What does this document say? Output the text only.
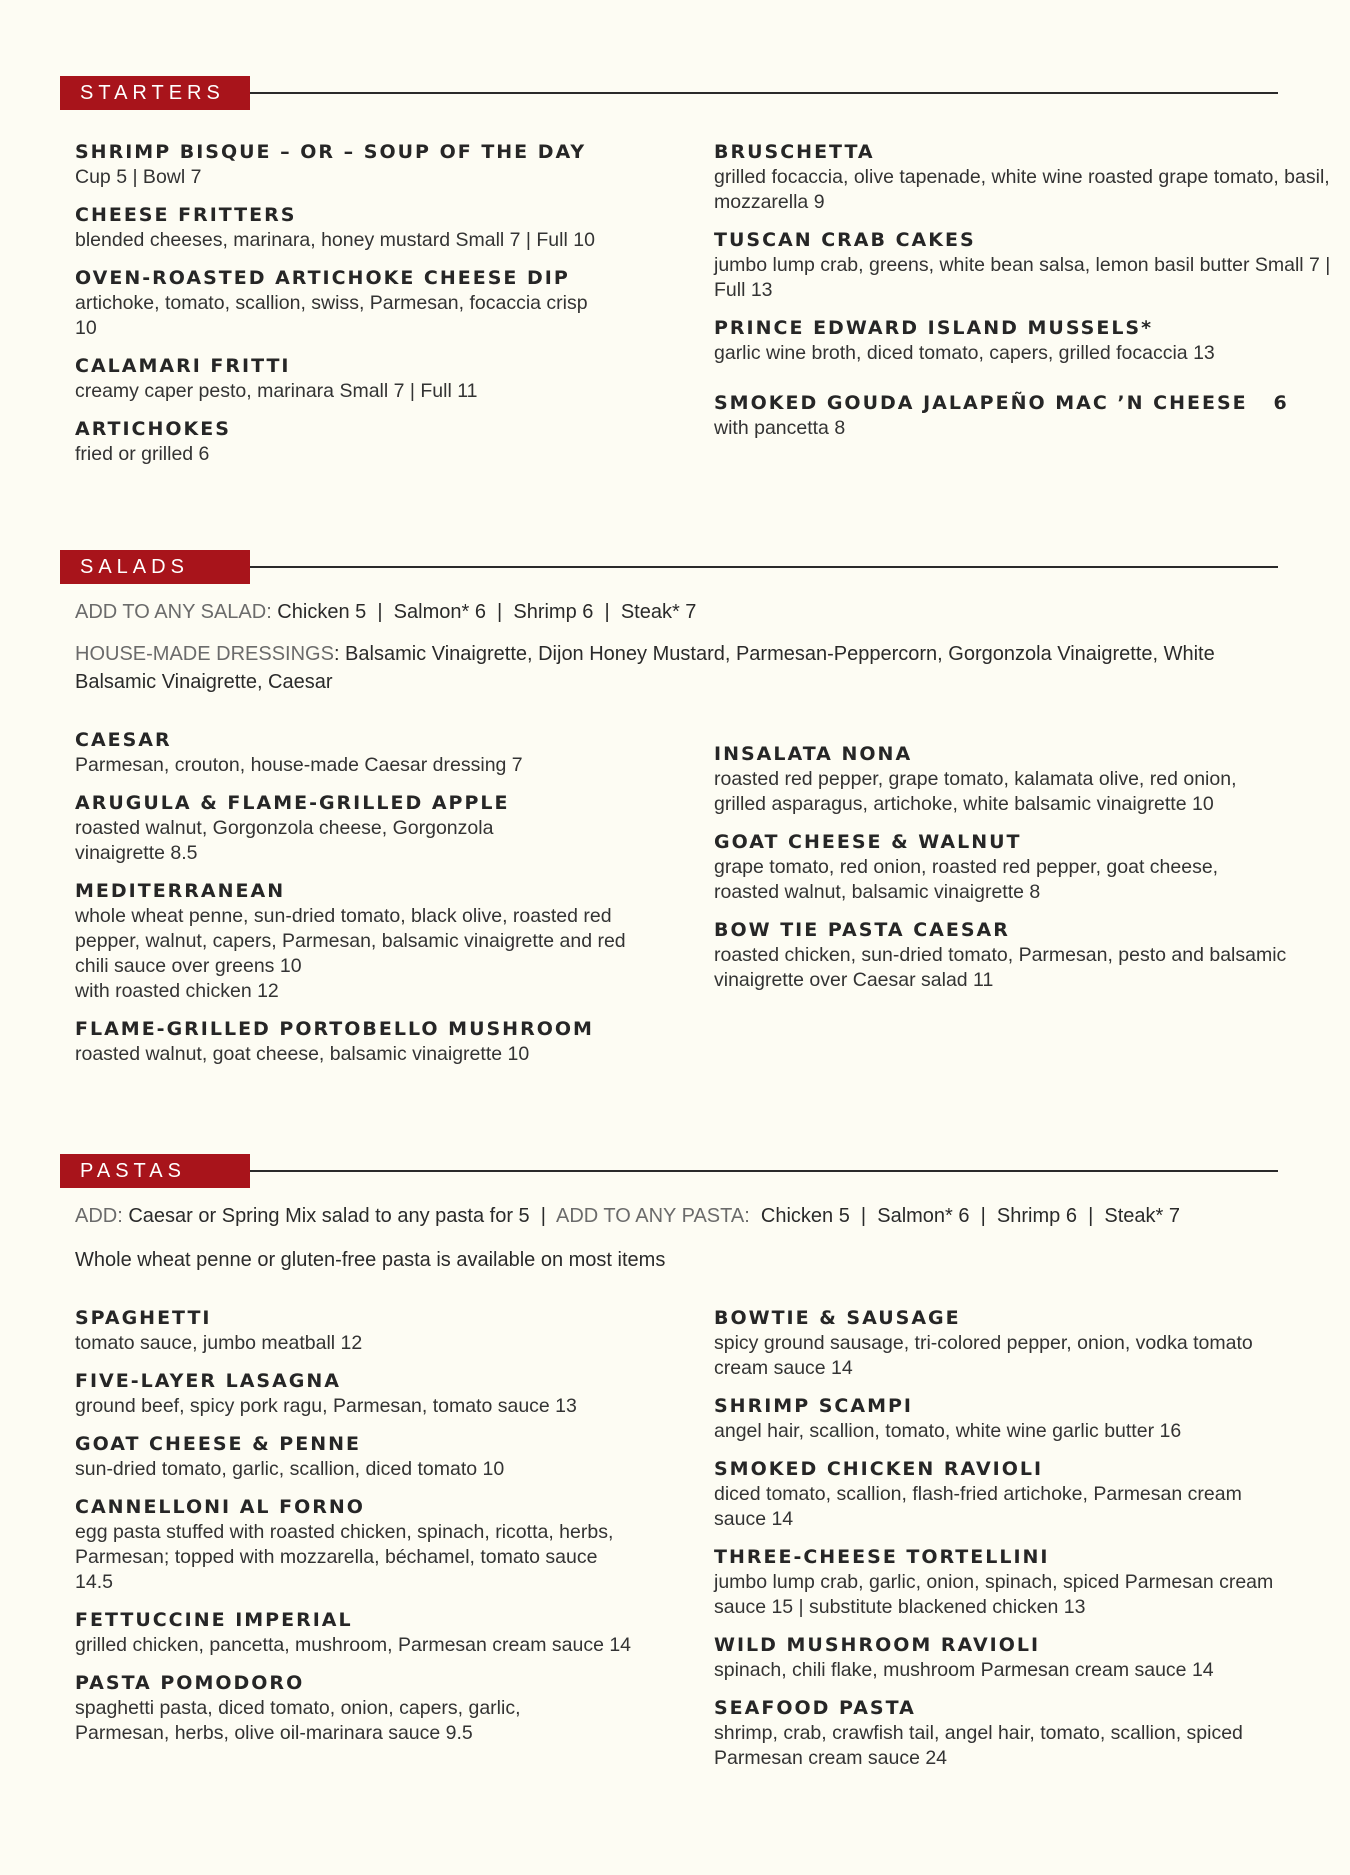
STARTERS
SHRIMP BISQUE – OR – SOUP OF THE DAY
Cup 5 | Bowl 7
CHEESE FRITTERS
blended cheeses, marinara, honey mustard Small 7 | Full 10
OVEN-ROASTED ARTICHOKE CHEESE DIP
artichoke, tomato, scallion, swiss, Parmesan, focaccia crisp 10
CALAMARI FRITTI
creamy caper pesto, marinara Small 7 | Full 11
ARTICHOKES
fried or grilled 6
BRUSCHETTA
grilled focaccia, olive tapenade, white wine roasted grape tomato, basil, mozzarella 9
TUSCAN CRAB CAKES
jumbo lump crab, greens, white bean salsa, lemon basil butter Small 7 | Full 13
PRINCE EDWARD ISLAND MUSSELS*
garlic wine broth, diced tomato, capers, grilled focaccia 13
SMOKED GOUDA JALAPEÑO MAC ’N CHEESE   6
with pancetta 8
SALADS
ADD TO ANY SALAD: Chicken 5  |  Salmon* 6  |  Shrimp 6  |  Steak* 7
HOUSE-MADE DRESSINGS: Balsamic Vinaigrette, Dijon Honey Mustard, Parmesan-Peppercorn, Gorgonzola Vinaigrette, White Balsamic Vinaigrette, Caesar
CAESAR
Parmesan, crouton, house-made Caesar dressing 7
ARUGULA & FLAME-GRILLED APPLE
roasted walnut, Gorgonzola cheese, Gorgonzola vinaigrette 8.5
MEDITERRANEAN
whole wheat penne, sun-dried tomato, black olive, roasted red pepper, walnut, capers, Parmesan, balsamic vinaigrette and red chili sauce over greens 10
with roasted chicken 12
FLAME-GRILLED PORTOBELLO MUSHROOM
roasted walnut, goat cheese, balsamic vinaigrette 10
INSALATA NONA
roasted red pepper, grape tomato, kalamata olive, red onion, grilled asparagus, artichoke, white balsamic vinaigrette 10
GOAT CHEESE & WALNUT
grape tomato, red onion, roasted red pepper, goat cheese, roasted walnut, balsamic vinaigrette 8
BOW TIE PASTA CAESAR
roasted chicken, sun-dried tomato, Parmesan, pesto and balsamic vinaigrette over Caesar salad 11
PASTAS
ADD: Caesar or Spring Mix salad to any pasta for 5  |  ADD TO ANY PASTA:  Chicken 5  |  Salmon* 6  |  Shrimp 6  |  Steak* 7
Whole wheat penne or gluten-free pasta is available on most items
SPAGHETTI
tomato sauce, jumbo meatball 12
FIVE-LAYER LASAGNA
ground beef, spicy pork ragu, Parmesan, tomato sauce 13
GOAT CHEESE & PENNE
sun-dried tomato, garlic, scallion, diced tomato 10
CANNELLONI AL FORNO
egg pasta stuffed with roasted chicken, spinach, ricotta, herbs, Parmesan; topped with mozzarella, béchamel, tomato sauce 14.5
FETTUCCINE IMPERIAL
grilled chicken, pancetta, mushroom, Parmesan cream sauce 14
PASTA POMODORO
spaghetti pasta, diced tomato, onion, capers, garlic, Parmesan, herbs, olive oil-marinara sauce 9.5
BOWTIE & SAUSAGE
spicy ground sausage, tri-colored pepper, onion, vodka tomato cream sauce 14
SHRIMP SCAMPI
angel hair, scallion, tomato, white wine garlic butter 16
SMOKED CHICKEN RAVIOLI
diced tomato, scallion, flash-fried artichoke, Parmesan cream sauce 14
THREE-CHEESE TORTELLINI
jumbo lump crab, garlic, onion, spinach, spiced Parmesan cream sauce 15 | substitute blackened chicken 13
WILD MUSHROOM RAVIOLI
spinach, chili flake, mushroom Parmesan cream sauce 14
SEAFOOD PASTA
shrimp, crab, crawfish tail, angel hair, tomato, scallion, spiced Parmesan cream sauce 24
